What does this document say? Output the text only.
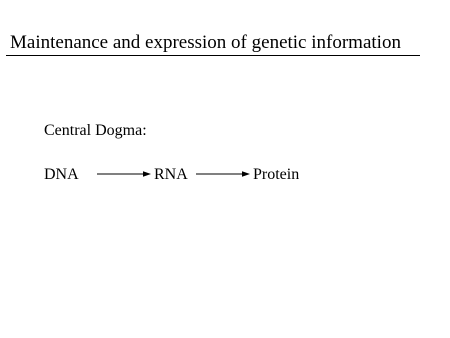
Maintenance and expression of genetic information
Central Dogma:
DNA	RNA	Protein
